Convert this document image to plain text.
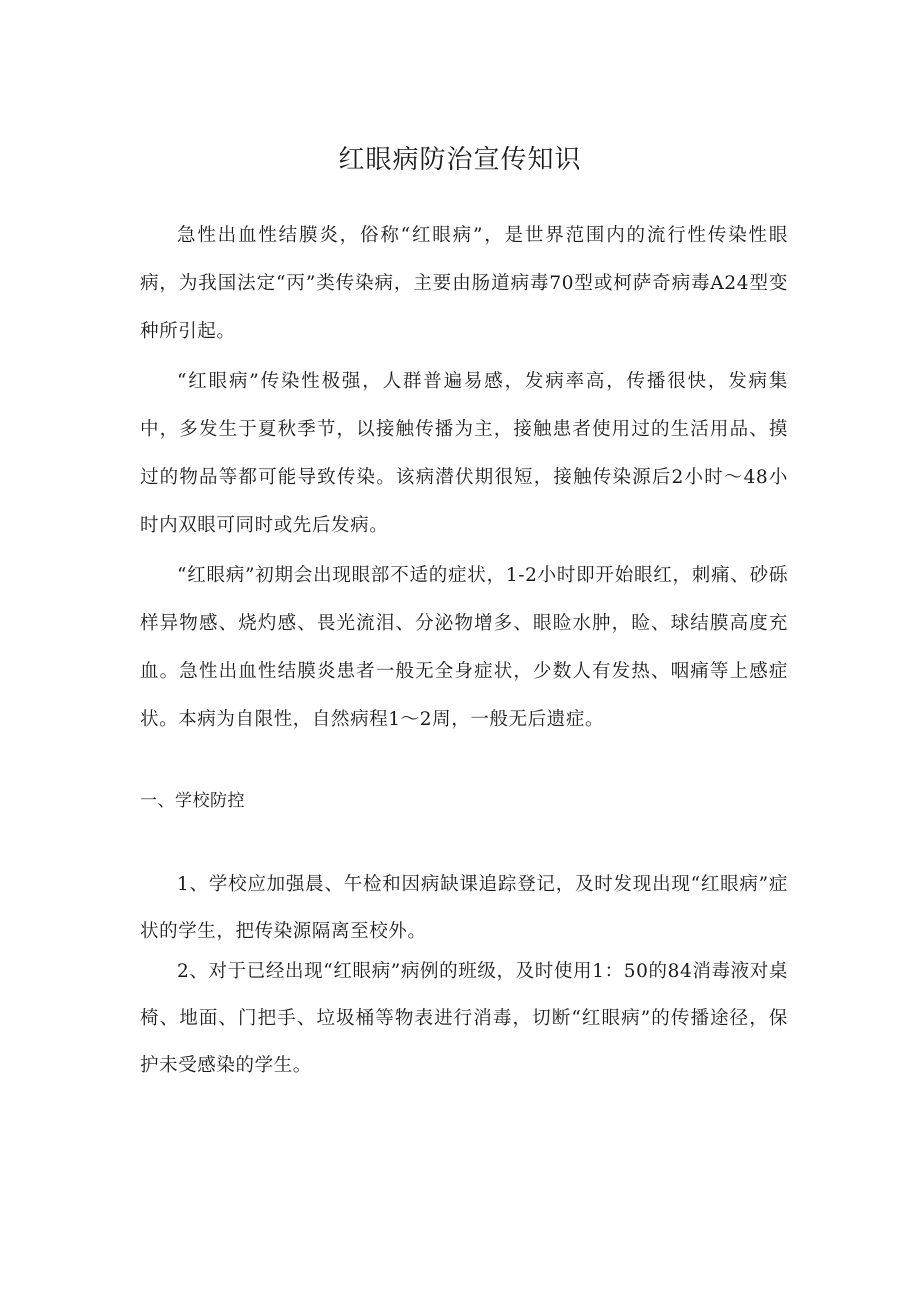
红眼病防治宣传知识

急性出血性结膜炎，俗称“红眼病”，是世界范围内的流行性传染性眼病，为我国法定“丙”类传染病，主要由肠道病毒70型或柯萨奇病毒A24型变种所引起。

“红眼病”传染性极强，人群普遍易感，发病率高，传播很快，发病集中，多发生于夏秋季节，以接触传播为主，接触患者使用过的生活用品、摸过的物品等都可能导致传染。该病潜伏期很短，接触传染源后2小时～48小时内双眼可同时或先后发病。

“红眼病”初期会出现眼部不适的症状，1-2小时即开始眼红，刺痛、砂砾样异物感、烧灼感、畏光流泪、分泌物增多、眼睑水肿，睑、球结膜高度充血。急性出血性结膜炎患者一般无全身症状，少数人有发热、咽痛等上感症状。本病为自限性，自然病程1～2周，一般无后遗症。

一、学校防控

1、学校应加强晨、午检和因病缺课追踪登记，及时发现出现“红眼病”症状的学生，把传染源隔离至校外。

2、对于已经出现“红眼病”病例的班级，及时使用1：50的84消毒液对桌椅、地面、门把手、垃圾桶等物表进行消毒，切断“红眼病”的传播途径，保护未受感染的学生。
